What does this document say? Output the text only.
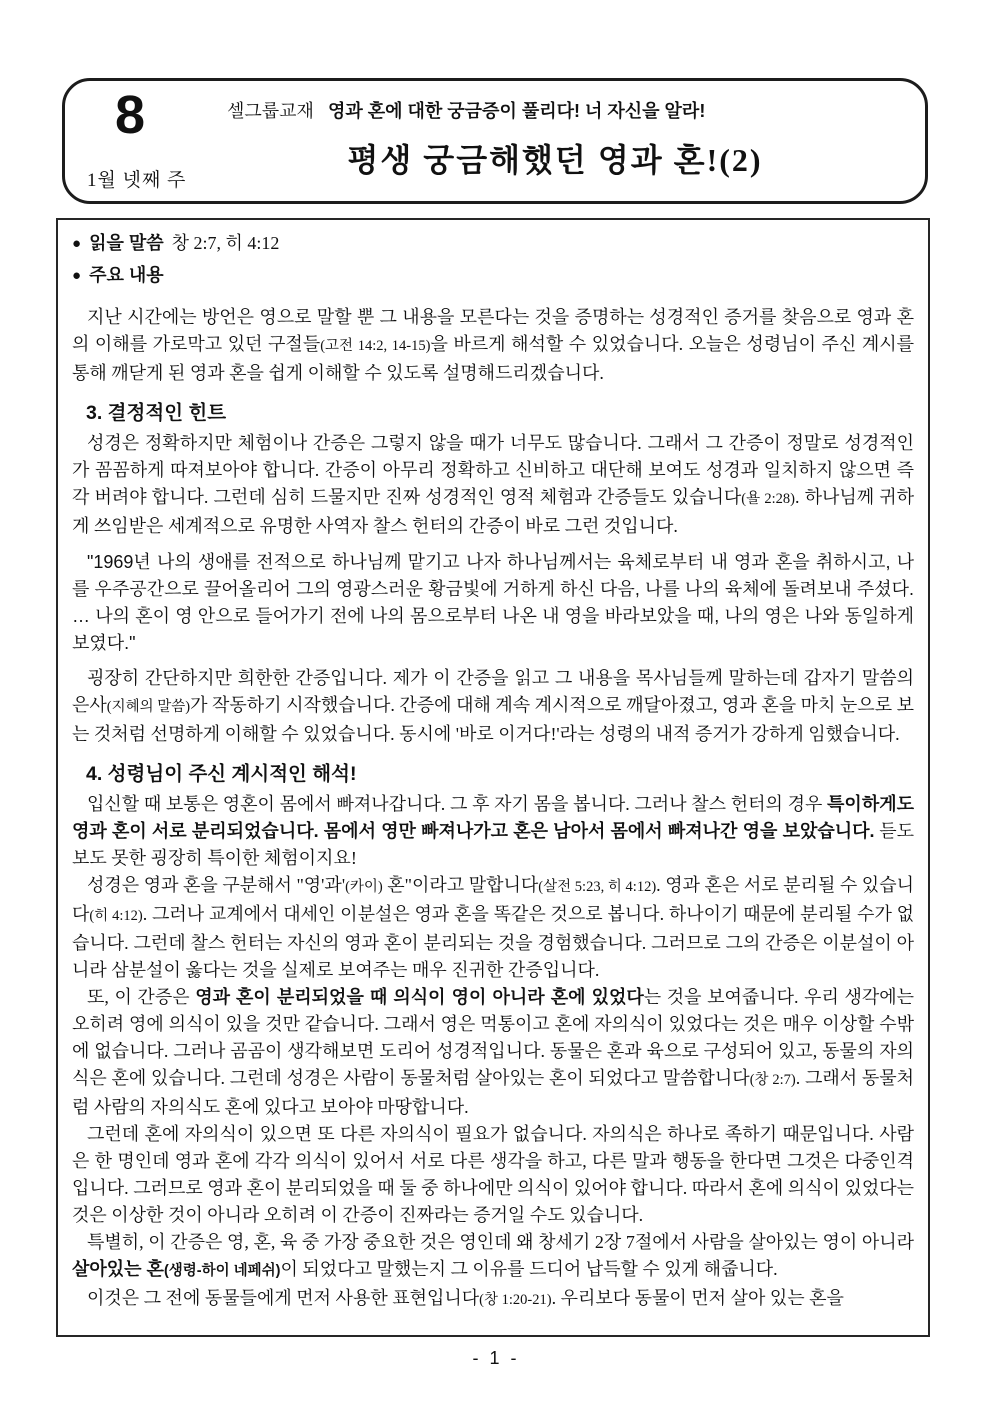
8
1월 넷째 주
셀그룹교재 영과 혼에 대한 궁금증이 풀리다! 너 자신을 알라!
평생 궁금해했던 영과 혼!(2)
● 읽을 말씀 창 2:7, 히 4:12
● 주요 내용
지난 시간에는 방언은 영으로 말할 뿐 그 내용을 모른다는 것을 증명하는 성경적인 증거를 찾음으로 영과 혼의 이해를 가로막고 있던 구절들(고전 14:2, 14-15)을 바르게 해석할 수 있었습니다. 오늘은 성령님이 주신 계시를 통해 깨닫게 된 영과 혼을 쉽게 이해할 수 있도록 설명해드리겠습니다.
3. 결정적인 힌트
성경은 정확하지만 체험이나 간증은 그렇지 않을 때가 너무도 많습니다. 그래서 그 간증이 정말로 성경적인가 꼼꼼하게 따져보아야 합니다. 간증이 아무리 정확하고 신비하고 대단해 보여도 성경과 일치하지 않으면 즉각 버려야 합니다. 그런데 심히 드물지만 진짜 성경적인 영적 체험과 간증들도 있습니다(욜 2:28). 하나님께 귀하게 쓰임받은 세계적으로 유명한 사역자 찰스 헌터의 간증이 바로 그런 것입니다.
"1969년 나의 생애를 전적으로 하나님께 맡기고 나자 하나님께서는 육체로부터 내 영과 혼을 취하시고, 나를 우주공간으로 끌어올리어 그의 영광스러운 황금빛에 거하게 하신 다음, 나를 나의 육체에 돌려보내 주셨다. … 나의 혼이 영 안으로 들어가기 전에 나의 몸으로부터 나온 내 영을 바라보았을 때, 나의 영은 나와 동일하게 보였다."
굉장히 간단하지만 희한한 간증입니다. 제가 이 간증을 읽고 그 내용을 목사님들께 말하는데 갑자기 말씀의 은사(지혜의 말씀)가 작동하기 시작했습니다. 간증에 대해 계속 계시적으로 깨달아졌고, 영과 혼을 마치 눈으로 보는 것처럼 선명하게 이해할 수 있었습니다. 동시에 '바로 이거다!'라는 성령의 내적 증거가 강하게 임했습니다.
4. 성령님이 주신 계시적인 해석!
입신할 때 보통은 영혼이 몸에서 빠져나갑니다. 그 후 자기 몸을 봅니다. 그러나 찰스 헌터의 경우 특이하게도 영과 혼이 서로 분리되었습니다. 몸에서 영만 빠져나가고 혼은 남아서 몸에서 빠져나간 영을 보았습니다. 듣도 보도 못한 굉장히 특이한 체험이지요!
성경은 영과 혼을 구분해서 "영'과'(카이) 혼"이라고 말합니다(살전 5:23, 히 4:12). 영과 혼은 서로 분리될 수 있습니다(히 4:12). 그러나 교계에서 대세인 이분설은 영과 혼을 똑같은 것으로 봅니다. 하나이기 때문에 분리될 수가 없습니다. 그런데 찰스 헌터는 자신의 영과 혼이 분리되는 것을 경험했습니다. 그러므로 그의 간증은 이분설이 아니라 삼분설이 옳다는 것을 실제로 보여주는 매우 진귀한 간증입니다.
또, 이 간증은 영과 혼이 분리되었을 때 의식이 영이 아니라 혼에 있었다는 것을 보여줍니다. 우리 생각에는 오히려 영에 의식이 있을 것만 같습니다. 그래서 영은 먹통이고 혼에 자의식이 있었다는 것은 매우 이상할 수밖에 없습니다. 그러나 곰곰이 생각해보면 도리어 성경적입니다. 동물은 혼과 육으로 구성되어 있고, 동물의 자의식은 혼에 있습니다. 그런데 성경은 사람이 동물처럼 살아있는 혼이 되었다고 말씀합니다(창 2:7). 그래서 동물처럼 사람의 자의식도 혼에 있다고 보아야 마땅합니다.
그런데 혼에 자의식이 있으면 또 다른 자의식이 필요가 없습니다. 자의식은 하나로 족하기 때문입니다. 사람은 한 명인데 영과 혼에 각각 의식이 있어서 서로 다른 생각을 하고, 다른 말과 행동을 한다면 그것은 다중인격입니다. 그러므로 영과 혼이 분리되었을 때 둘 중 하나에만 의식이 있어야 합니다. 따라서 혼에 의식이 있었다는 것은 이상한 것이 아니라 오히려 이 간증이 진짜라는 증거일 수도 있습니다.
특별히, 이 간증은 영, 혼, 육 중 가장 중요한 것은 영인데 왜 창세기 2장 7절에서 사람을 살아있는 영이 아니라 살아있는 혼(생령-하이 네페쉬)이 되었다고 말했는지 그 이유를 드디어 납득할 수 있게 해줍니다.
이것은 그 전에 동물들에게 먼저 사용한 표현입니다(창 1:20-21). 우리보다 동물이 먼저 살아 있는 혼을
- 1 -
